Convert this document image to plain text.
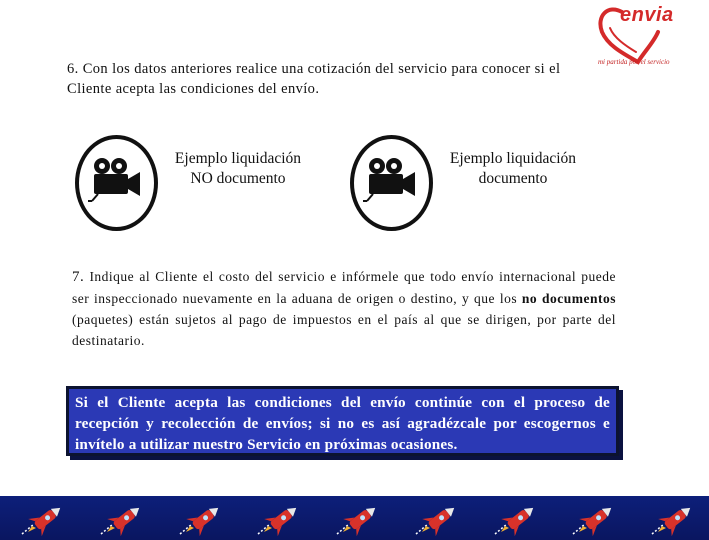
envia
mi partida por el servicio
6. Con los datos anteriores realice una cotización del servicio para conocer si el Cliente acepta las condiciones del envío.
Ejemplo liquidación
NO documento
Ejemplo liquidación
documento
7. Indique al Cliente el costo del servicio e infórmele que todo envío internacional puede ser inspeccionado nuevamente en la aduana de origen o destino, y que los no documentos (paquetes) están sujetos al pago de impuestos en el país al que se dirigen, por parte del destinatario.
Si el Cliente acepta las condiciones del envío continúe con el proceso de recepción y recolección de envíos; si no es así agradézcale por escogernos e invítelo a utilizar nuestro Servicio en próximas ocasiones.
